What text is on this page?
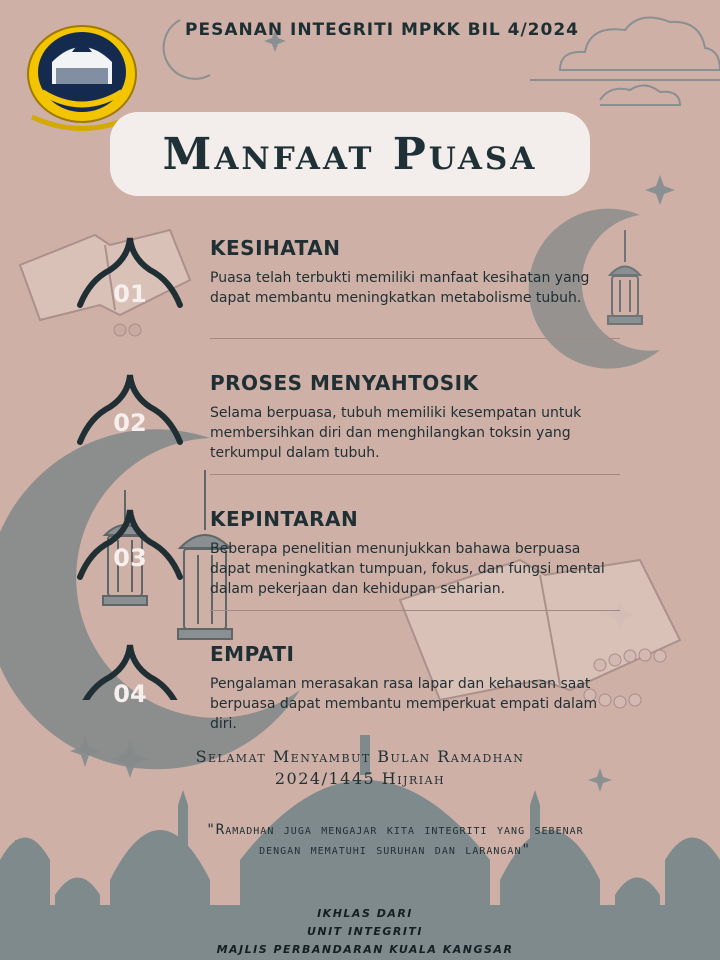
PESANAN INTEGRITI MPKK BIL 4/2024
Manfaat Puasa
01
02
03
04
KESIHATAN
Puasa telah terbukti memiliki manfaat kesihatan yang dapat membantu meningkatkan metabolisme tubuh.
PROSES MENYAHTOSIK
Selama berpuasa, tubuh memiliki kesempatan untuk membersihkan diri dan menghilangkan toksin yang terkumpul dalam tubuh.
KEPINTARAN
Beberapa penelitian menunjukkan bahawa berpuasa dapat meningkatkan tumpuan, fokus, dan fungsi mental dalam pekerjaan dan kehidupan seharian.
EMPATI
Pengalaman merasakan rasa lapar dan kehausan saat berpuasa dapat membantu memperkuat empati dalam diri.
Selamat Menyambut Bulan Ramadhan
2024/1445 Hijriah
"Ramadhan juga mengajar kita integriti yang sebenar dengan mematuhi suruhan dan larangan"
IKHLAS DARI
UNIT INTEGRITI
MAJLIS PERBANDARAN KUALA KANGSAR
